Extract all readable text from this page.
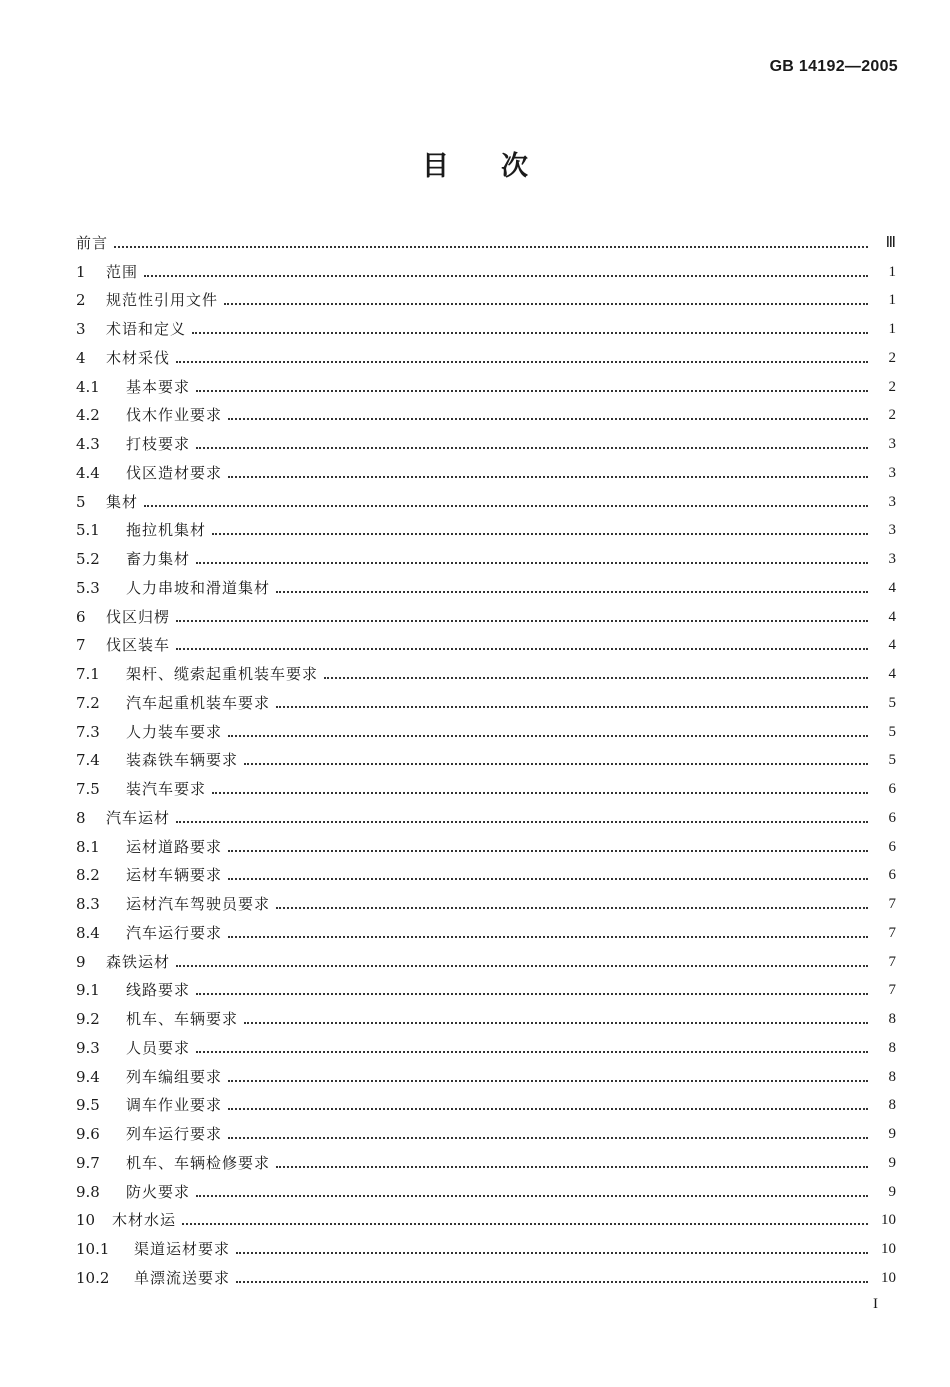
GB 14192—2005
目 次
前言	Ⅲ
1	范围	1
2	规范性引用文件	1
3	术语和定义	1
4	木材采伐	2
4.1	基本要求	2
4.2	伐木作业要求	2
4.3	打枝要求	3
4.4	伐区造材要求	3
5	集材	3
5.1	拖拉机集材	3
5.2	畜力集材	3
5.3	人力串坡和滑道集材	4
6	伐区归楞	4
7	伐区装车	4
7.1	架杆、缆索起重机装车要求	4
7.2	汽车起重机装车要求	5
7.3	人力装车要求	5
7.4	装森铁车辆要求	5
7.5	装汽车要求	6
8	汽车运材	6
8.1	运材道路要求	6
8.2	运材车辆要求	6
8.3	运材汽车驾驶员要求	7
8.4	汽车运行要求	7
9	森铁运材	7
9.1	线路要求	7
9.2	机车、车辆要求	8
9.3	人员要求	8
9.4	列车编组要求	8
9.5	调车作业要求	8
9.6	列车运行要求	9
9.7	机车、车辆检修要求	9
9.8	防火要求	9
10	木材水运	10
10.1	渠道运材要求	10
10.2	单漂流送要求	10
I
